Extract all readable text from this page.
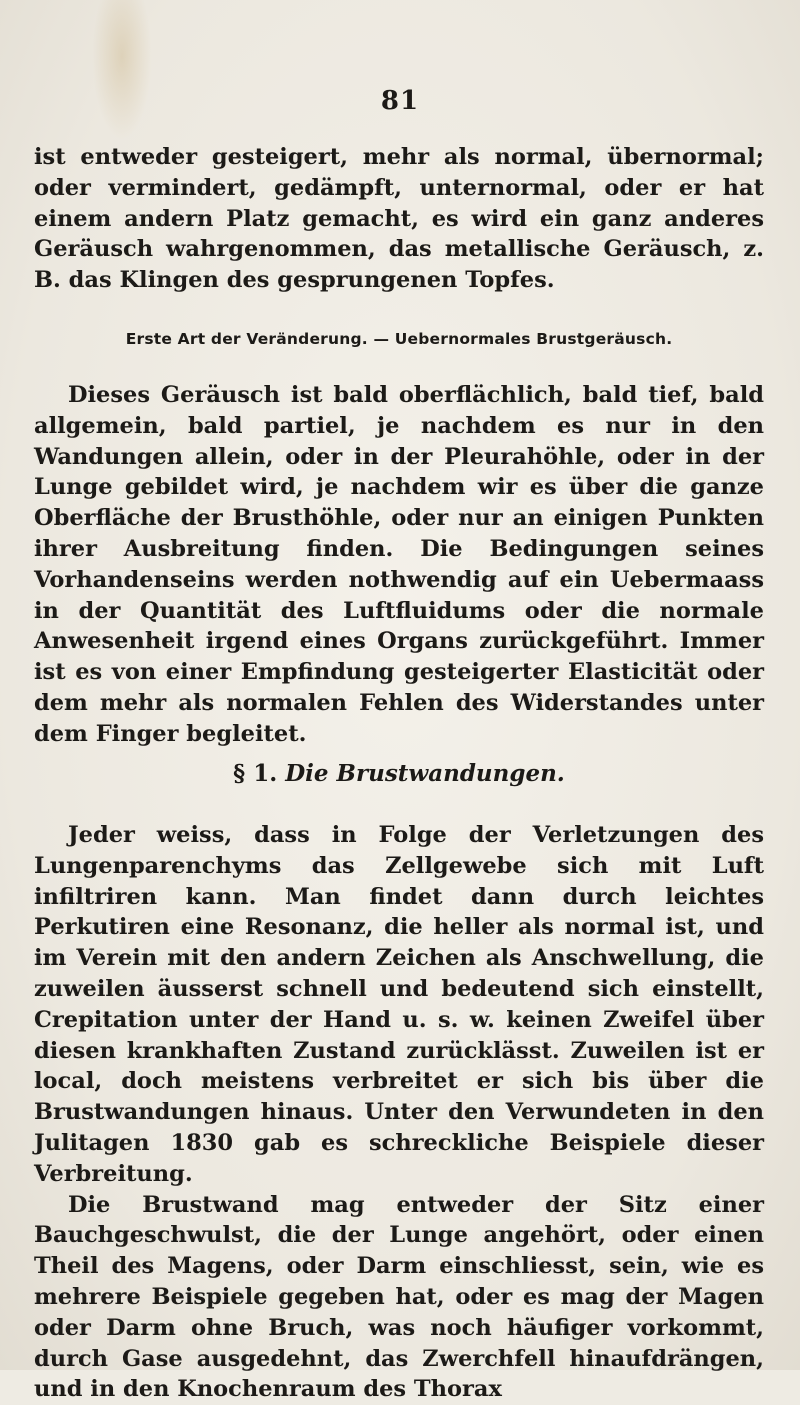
81

ist entweder gesteigert, mehr als normal, übernormal; oder vermindert, gedämpft, unternormal, oder er hat einem andern Platz gemacht, es wird ein ganz anderes Geräusch wahrgenommen, das metallische Geräusch, z. B. das Klingen des gesprungenen Topfes.

Erste Art der Veränderung. — Uebernormales Brustgeräusch.

Dieses Geräusch ist bald oberflächlich, bald tief, bald allgemein, bald partiel, je nachdem es nur in den Wandungen allein, oder in der Pleurahöhle, oder in der Lunge gebildet wird, je nachdem wir es über die ganze Oberfläche der Brusthöhle, oder nur an einigen Punkten ihrer Ausbreitung finden. Die Bedingungen seines Vorhandenseins werden nothwendig auf ein Uebermaass in der Quantität des Luftfluidums oder die normale Anwesenheit irgend eines Organs zurückgeführt. Immer ist es von einer Empfindung gesteigerter Elasticität oder dem mehr als normalen Fehlen des Widerstandes unter dem Finger begleitet.

§ 1. Die Brustwandungen.

Jeder weiss, dass in Folge der Verletzungen des Lungenparenchyms das Zellgewebe sich mit Luft infiltriren kann. Man findet dann durch leichtes Perkutiren eine Resonanz, die heller als normal ist, und im Verein mit den andern Zeichen als Anschwellung, die zuweilen äusserst schnell und bedeutend sich einstellt, Crepitation unter der Hand u. s. w. keinen Zweifel über diesen krankhaften Zustand zurücklässt. Zuweilen ist er local, doch meistens verbreitet er sich bis über die Brustwandungen hinaus. Unter den Verwundeten in den Julitagen 1830 gab es schreckliche Beispiele dieser Verbreitung.

Die Brustwand mag entweder der Sitz einer Bauchgeschwulst, die der Lunge angehört, oder einen Theil des Magens, oder Darm einschliesst, sein, wie es mehrere Beispiele gegeben hat, oder es mag der Magen oder Darm ohne Bruch, was noch häufiger vorkommt, durch Gase ausgedehnt, das Zwerchfell hinaufdrängen, und in den Knochenraum des Thorax
